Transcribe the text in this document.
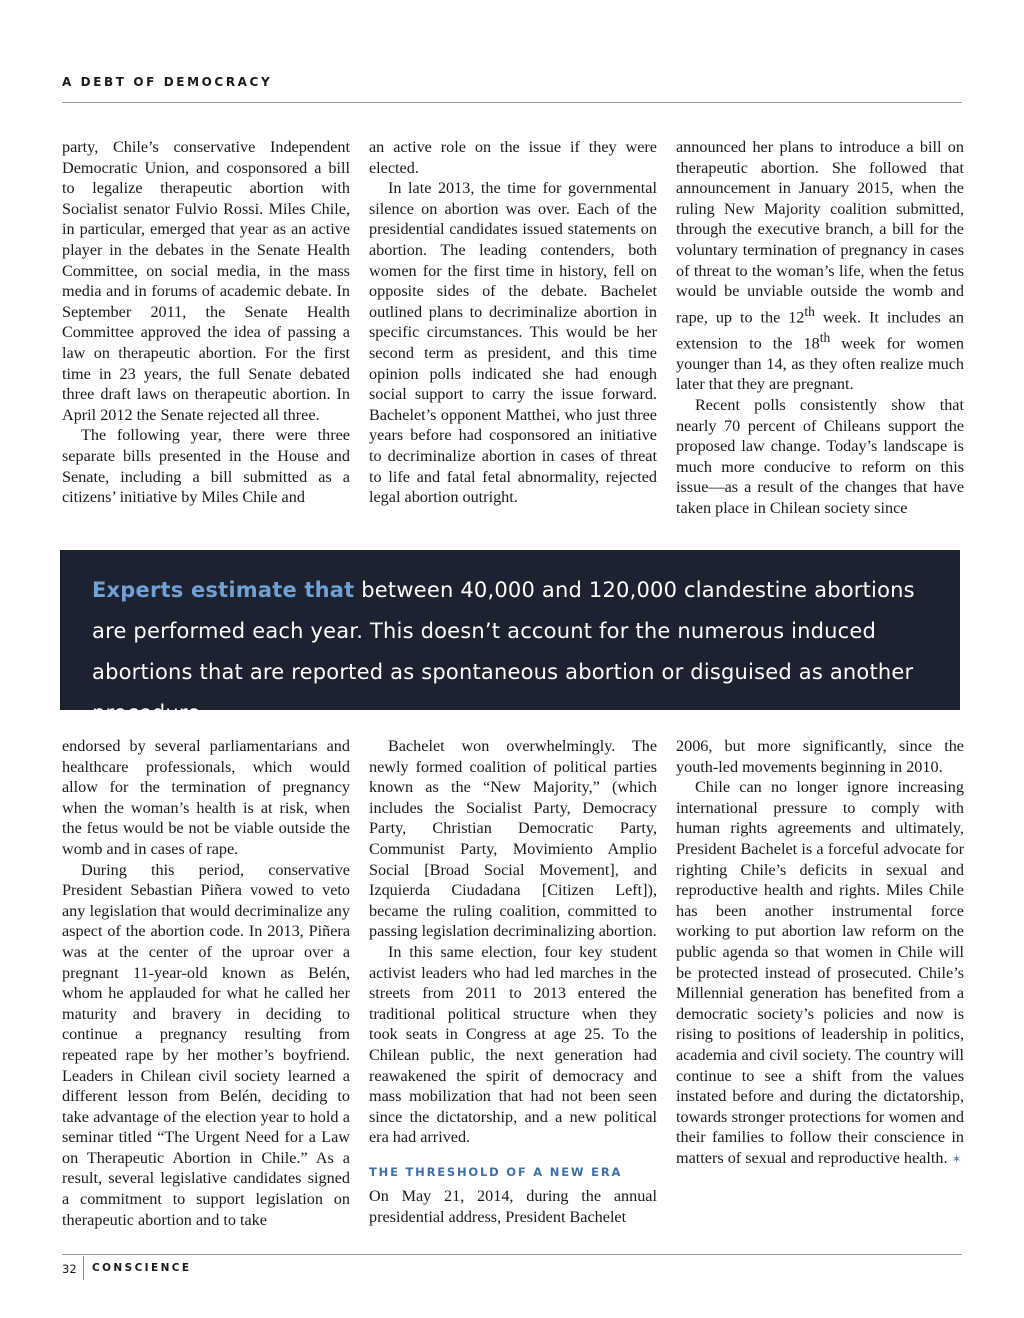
A DEBT OF DEMOCRACY

party, Chile’s conservative Independent Democratic Union, and cosponsored a bill to legalize therapeutic abortion with Socialist senator Fulvio Rossi. Miles Chile, in particular, emerged that year as an active player in the debates in the Senate Health Committee, on social media, in the mass media and in forums of academic debate. In September 2011, the Senate Health Committee approved the idea of passing a law on therapeutic abortion. For the first time in 23 years, the full Senate debated three draft laws on therapeutic abortion. In April 2012 the Senate rejected all three.

The following year, there were three separate bills presented in the House and Senate, including a bill submitted as a citizens’ initiative by Miles Chile and

an active role on the issue if they were elected.

In late 2013, the time for governmental silence on abortion was over. Each of the presidential candidates issued statements on abortion. The leading contenders, both women for the first time in history, fell on opposite sides of the debate. Bachelet outlined plans to decriminalize abortion in specific circumstances. This would be her second term as president, and this time opinion polls indicated she had enough social support to carry the issue forward. Bachelet’s opponent Matthei, who just three years before had cosponsored an initiative to decriminalize abortion in cases of threat to life and fatal fetal abnormality, rejected legal abortion outright.

announced her plans to introduce a bill on therapeutic abortion. She followed that announcement in January 2015, when the ruling New Majority coalition submitted, through the executive branch, a bill for the voluntary termination of pregnancy in cases of threat to the woman’s life, when the fetus would be unviable outside the womb and rape, up to the 12th week. It includes an extension to the 18th week for women younger than 14, as they often realize much later that they are pregnant.

Recent polls consistently show that nearly 70 percent of Chileans support the proposed law change. Today’s landscape is much more conducive to reform on this issue—as a result of the changes that have taken place in Chilean society since

Experts estimate that between 40,000 and 120,000 clandestine abortions are performed each year. This doesn’t account for the numerous induced abortions that are reported as spontaneous abortion or disguised as another procedure.

endorsed by several parliamentarians and healthcare professionals, which would allow for the termination of pregnancy when the woman’s health is at risk, when the fetus would be not be viable outside the womb and in cases of rape.

During this period, conservative President Sebastian Piñera vowed to veto any legislation that would decriminalize any aspect of the abortion code. In 2013, Piñera was at the center of the uproar over a pregnant 11-year-old known as Belén, whom he applauded for what he called her maturity and bravery in deciding to continue a pregnancy resulting from repeated rape by her mother’s boyfriend. Leaders in Chilean civil society learned a different lesson from Belén, deciding to take advantage of the election year to hold a seminar titled “The Urgent Need for a Law on Therapeutic Abortion in Chile.” As a result, several legislative candidates signed a commitment to support legislation on therapeutic abortion and to take

Bachelet won overwhelmingly. The newly formed coalition of political parties known as the “New Majority,” (which includes the Socialist Party, Democracy Party, Christian Democratic Party, Communist Party, Movimiento Amplio Social [Broad Social Movement], and Izquierda Ciudadana [Citizen Left]), became the ruling coalition, committed to passing legislation decriminalizing abortion.

In this same election, four key student activist leaders who had led marches in the streets from 2011 to 2013 entered the traditional political structure when they took seats in Congress at age 25. To the Chilean public, the next generation had reawakened the spirit of democracy and mass mobilization that had not been seen since the dictatorship, and a new political era had arrived.

THE THRESHOLD OF A NEW ERA

On May 21, 2014, during the annual presidential address, President Bachelet

2006, but more significantly, since the youth-led movements beginning in 2010.

Chile can no longer ignore increasing international pressure to comply with human rights agreements and ultimately, President Bachelet is a forceful advocate for righting Chile’s deficits in sexual and reproductive health and rights. Miles Chile has been another instrumental force working to put abortion law reform on the public agenda so that women in Chile will be protected instead of prosecuted. Chile’s Millennial generation has benefited from a democratic society’s policies and now is rising to positions of leadership in politics, academia and civil society. The country will continue to see a shift from the values instated before and during the dictatorship, towards stronger protections for women and their families to follow their conscience in matters of sexual and reproductive health. ✶

32 CONSCIENCE
